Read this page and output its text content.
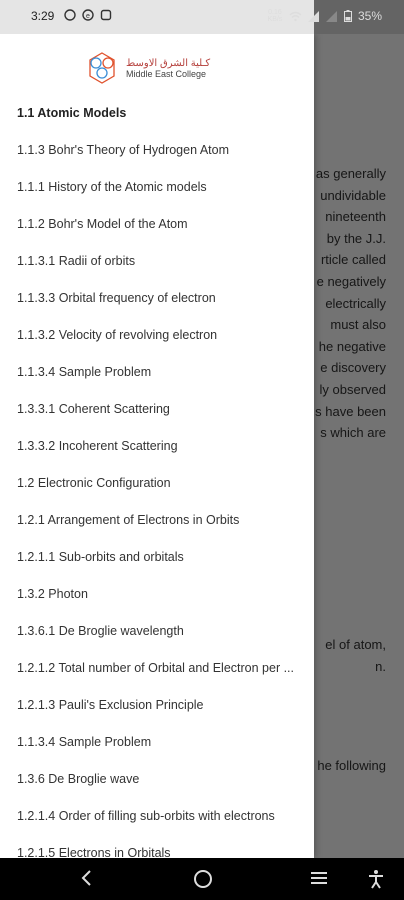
3:29	e
0.16 KB/s	35%
كـلية الشرق الاوسط
Middle East College
1.1 Atomic Models
1.1.3 Bohr's Theory of Hydrogen Atom
1.1.1 History of the Atomic models
1.1.2 Bohr's Model of the Atom
1.1.3.1 Radii of orbits
1.1.3.3 Orbital frequency of electron
1.1.3.2 Velocity of revolving electron
1.1.3.4 Sample Problem
1.3.3.1 Coherent Scattering
1.3.3.2 Incoherent Scattering
1.2 Electronic Configuration
1.2.1 Arrangement of Electrons in Orbits
1.2.1.1 Sub-orbits and orbitals
1.3.2 Photon
1.3.6.1 De Broglie wavelength
1.2.1.2 Total number of Orbital and Electron per ...
1.2.1.3 Pauli's Exclusion Principle
1.1.3.4 Sample Problem
1.3.6 De Broglie wave
1.2.1.4 Order of filling sub-orbits with electrons
1.2.1.5 Electrons in Orbitals
